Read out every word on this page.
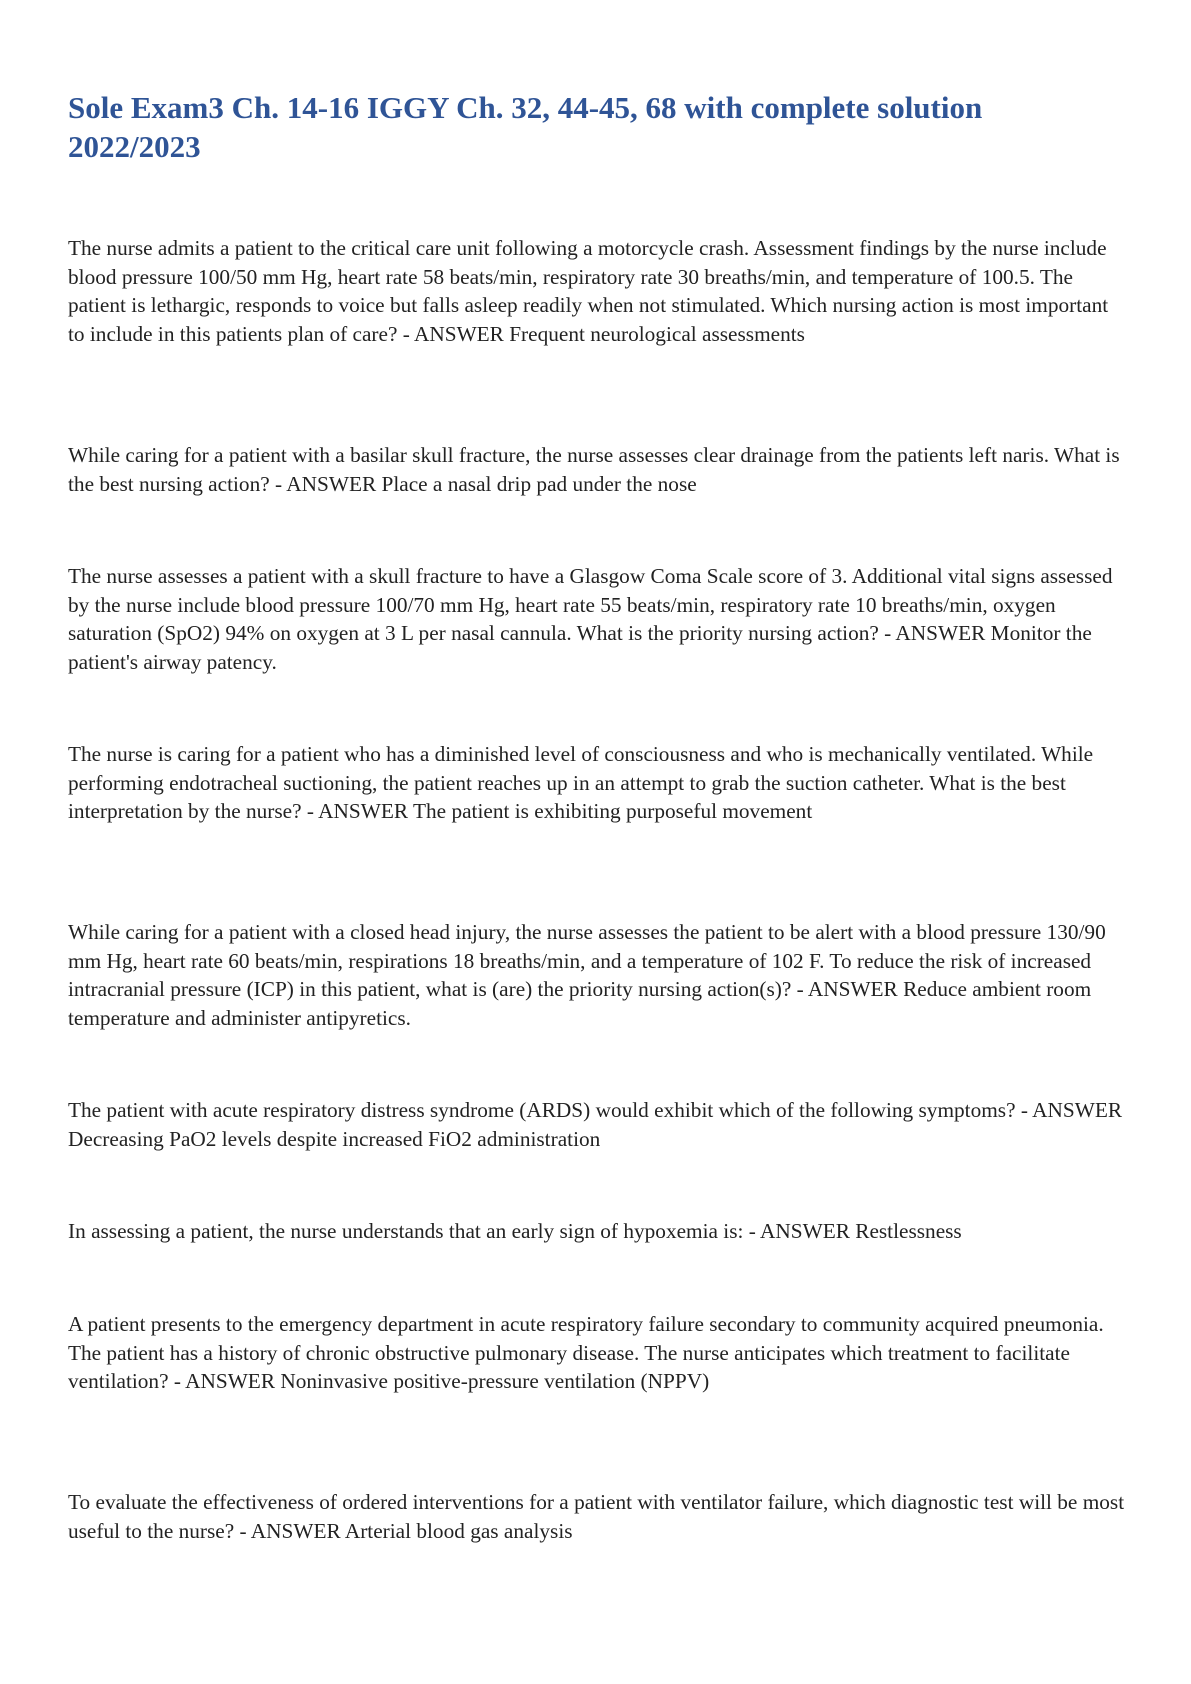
Sole Exam3 Ch. 14-16 IGGY Ch. 32, 44-45, 68 with complete solution 2022/2023

The nurse admits a patient to the critical care unit following a motorcycle crash. Assessment findings by the nurse include blood pressure 100/50 mm Hg, heart rate 58 beats/min, respiratory rate 30 breaths/min, and temperature of 100.5. The patient is lethargic, responds to voice but falls asleep readily when not stimulated. Which nursing action is most important to include in this patients plan of care? - ANSWER Frequent neurological assessments

While caring for a patient with a basilar skull fracture, the nurse assesses clear drainage from the patients left naris. What is the best nursing action? - ANSWER Place a nasal drip pad under the nose

The nurse assesses a patient with a skull fracture to have a Glasgow Coma Scale score of 3. Additional vital signs assessed by the nurse include blood pressure 100/70 mm Hg, heart rate 55 beats/min, respiratory rate 10 breaths/min, oxygen saturation (SpO2) 94% on oxygen at 3 L per nasal cannula. What is the priority nursing action? - ANSWER Monitor the patient's airway patency.

The nurse is caring for a patient who has a diminished level of consciousness and who is mechanically ventilated. While performing endotracheal suctioning, the patient reaches up in an attempt to grab the suction catheter. What is the best interpretation by the nurse? - ANSWER The patient is exhibiting purposeful movement

While caring for a patient with a closed head injury, the nurse assesses the patient to be alert with a blood pressure 130/90 mm Hg, heart rate 60 beats/min, respirations 18 breaths/min, and a temperature of 102 F. To reduce the risk of increased intracranial pressure (ICP) in this patient, what is (are) the priority nursing action(s)? - ANSWER Reduce ambient room temperature and administer antipyretics.

The patient with acute respiratory distress syndrome (ARDS) would exhibit which of the following symptoms? - ANSWER Decreasing PaO2 levels despite increased FiO2 administration

In assessing a patient, the nurse understands that an early sign of hypoxemia is: - ANSWER Restlessness

A patient presents to the emergency department in acute respiratory failure secondary to community acquired pneumonia. The patient has a history of chronic obstructive pulmonary disease. The nurse anticipates which treatment to facilitate ventilation? - ANSWER Noninvasive positive-pressure ventilation (NPPV)

To evaluate the effectiveness of ordered interventions for a patient with ventilator failure, which diagnostic test will be most useful to the nurse? - ANSWER Arterial blood gas analysis
